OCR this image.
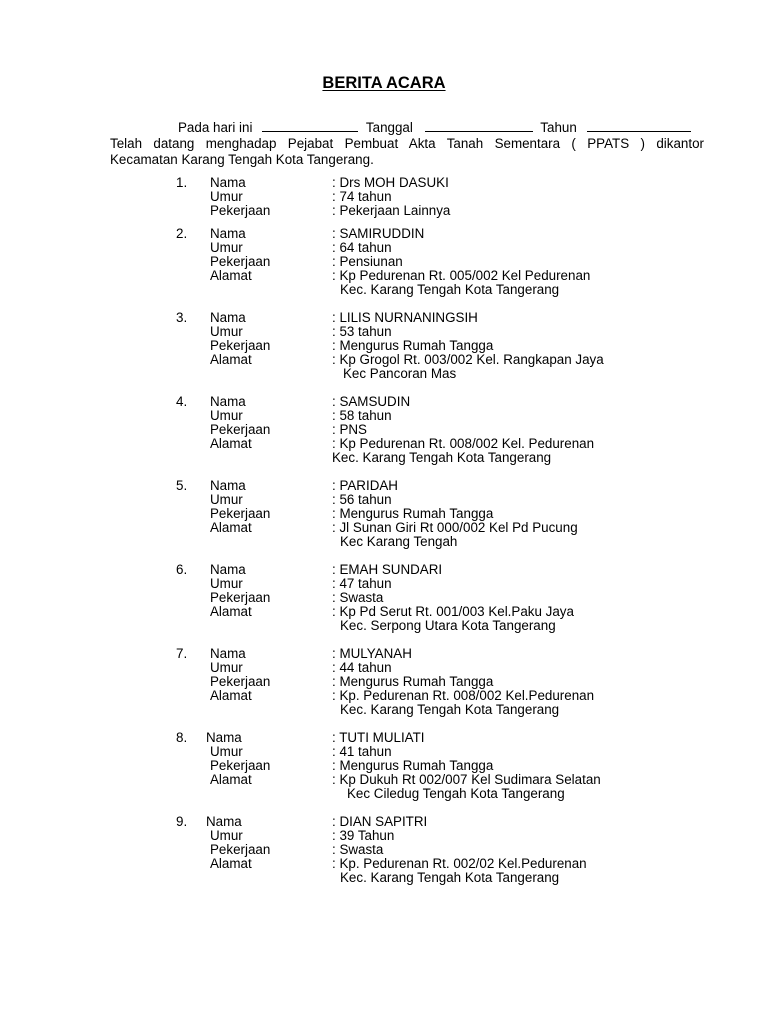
BERITA ACARA
Pada hari ini	Tanggal	Tahun
Telah datang menghadap Pejabat Pembuat Akta Tanah Sementara ( PPATS ) dikantor
Kecamatan Karang Tengah Kota Tangerang.
1. Nama	: Drs MOH DASUKI
Umur	: 74 tahun
Pekerjaan	: Pekerjaan Lainnya
2. Nama	: SAMIRUDDIN
Umur	: 64 tahun
Pekerjaan	: Pensiunan
Alamat	: Kp Pedurenan Rt. 005/002 Kel Pedurenan
Kec. Karang Tengah Kota Tangerang
3. Nama	: LILIS NURNANINGSIH
Umur	: 53 tahun
Pekerjaan	: Mengurus Rumah Tangga
Alamat	: Kp Grogol Rt. 003/002 Kel. Rangkapan Jaya
Kec Pancoran Mas
4. Nama	: SAMSUDIN
Umur	: 58 tahun
Pekerjaan	: PNS
Alamat	: Kp Pedurenan Rt. 008/002 Kel. Pedurenan
Kec. Karang Tengah Kota Tangerang
5. Nama	: PARIDAH
Umur	: 56 tahun
Pekerjaan	: Mengurus Rumah Tangga
Alamat	: Jl Sunan Giri Rt 000/002 Kel Pd Pucung
Kec Karang Tengah
6. Nama	: EMAH SUNDARI
Umur	: 47 tahun
Pekerjaan	: Swasta
Alamat	: Kp Pd Serut Rt. 001/003 Kel.Paku Jaya
Kec. Serpong Utara Kota Tangerang
7. Nama	: MULYANAH
Umur	: 44 tahun
Pekerjaan	: Mengurus Rumah Tangga
Alamat	: Kp. Pedurenan Rt. 008/002 Kel.Pedurenan
Kec. Karang Tengah Kota Tangerang
8. Nama	: TUTI MULIATI
Umur	: 41 tahun
Pekerjaan	: Mengurus Rumah Tangga
Alamat	: Kp Dukuh Rt 002/007 Kel Sudimara Selatan
Kec Ciledug Tengah Kota Tangerang
9. Nama	: DIAN SAPITRI
Umur	: 39 Tahun
Pekerjaan	: Swasta
Alamat	: Kp. Pedurenan Rt. 002/02 Kel.Pedurenan
Kec. Karang Tengah Kota Tangerang
